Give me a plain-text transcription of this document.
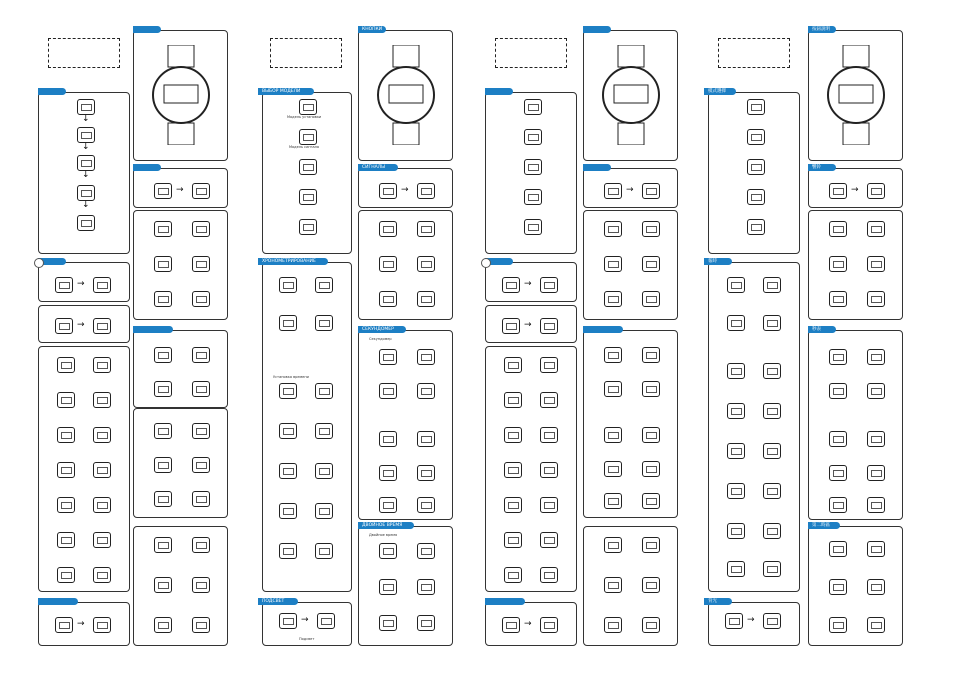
↓
↓
↓
↓
→
→
→
→
КНОПКИ
Модель установки
Модель сигнала
ВЫБОР МОДЕЛИ
→
СИГНАЛЫ
Установка времени
ХРОНОМЕТРИРОВАНИЕ
Секундомер
СЕКУНДОМЕР
Двойное время
ДВОЙНОЕ ВРЕМЯ
→
Подсвет
ПОДСВЕТ
→
→
→
→
按鈕說明
模式選擇
→
響鈴
報時
秒表
第二時區
→
背光
